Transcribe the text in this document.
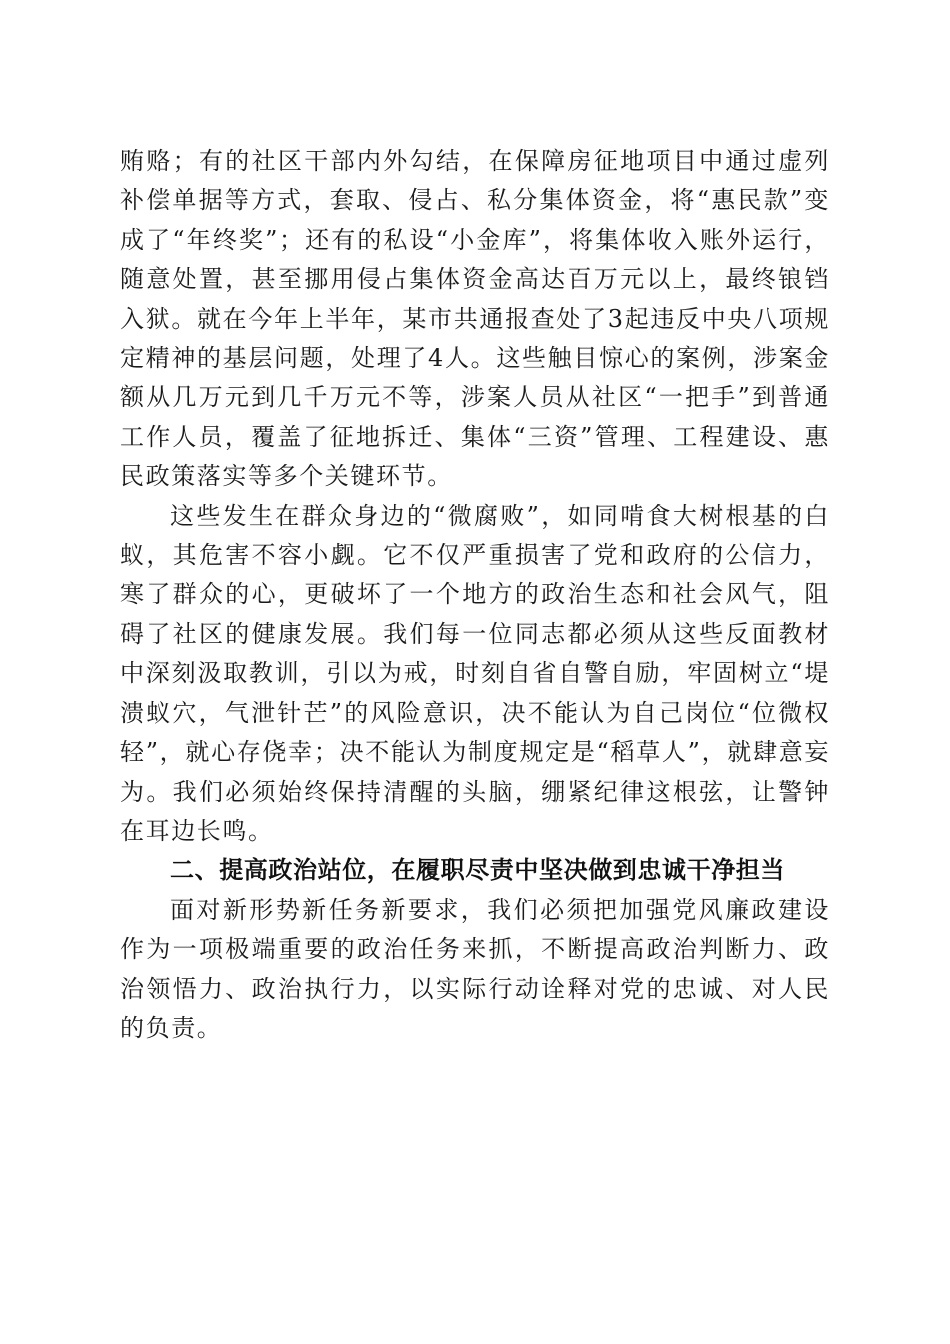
贿赂；有的社区干部内外勾结，在保障房征地项目中通过虚列补偿单据等方式，套取、侵占、私分集体资金，将“惠民款”变成了“年终奖”；还有的私设“小金库”，将集体收入账外运行，随意处置，甚至挪用侵占集体资金高达百万元以上，最终锒铛入狱。就在今年上半年，某市共通报查处了3起违反中央八项规定精神的基层问题，处理了4人。这些触目惊心的案例，涉案金额从几万元到几千万元不等，涉案人员从社区“一把手”到普通工作人员，覆盖了征地拆迁、集体“三资”管理、工程建设、惠民政策落实等多个关键环节。

这些发生在群众身边的“微腐败”，如同啃食大树根基的白蚁，其危害不容小觑。它不仅严重损害了党和政府的公信力，寒了群众的心，更破坏了一个地方的政治生态和社会风气，阻碍了社区的健康发展。我们每一位同志都必须从这些反面教材中深刻汲取教训，引以为戒，时刻自省自警自励，牢固树立“堤溃蚁穴，气泄针芒”的风险意识，决不能认为自己岗位“位微权轻”，就心存侥幸；决不能认为制度规定是“稻草人”，就肆意妄为。我们必须始终保持清醒的头脑，绷紧纪律这根弦，让警钟在耳边长鸣。

二、提高政治站位，在履职尽责中坚决做到忠诚干净担当

面对新形势新任务新要求，我们必须把加强党风廉政建设作为一项极端重要的政治任务来抓，不断提高政治判断力、政治领悟力、政治执行力，以实际行动诠释对党的忠诚、对人民的负责。
